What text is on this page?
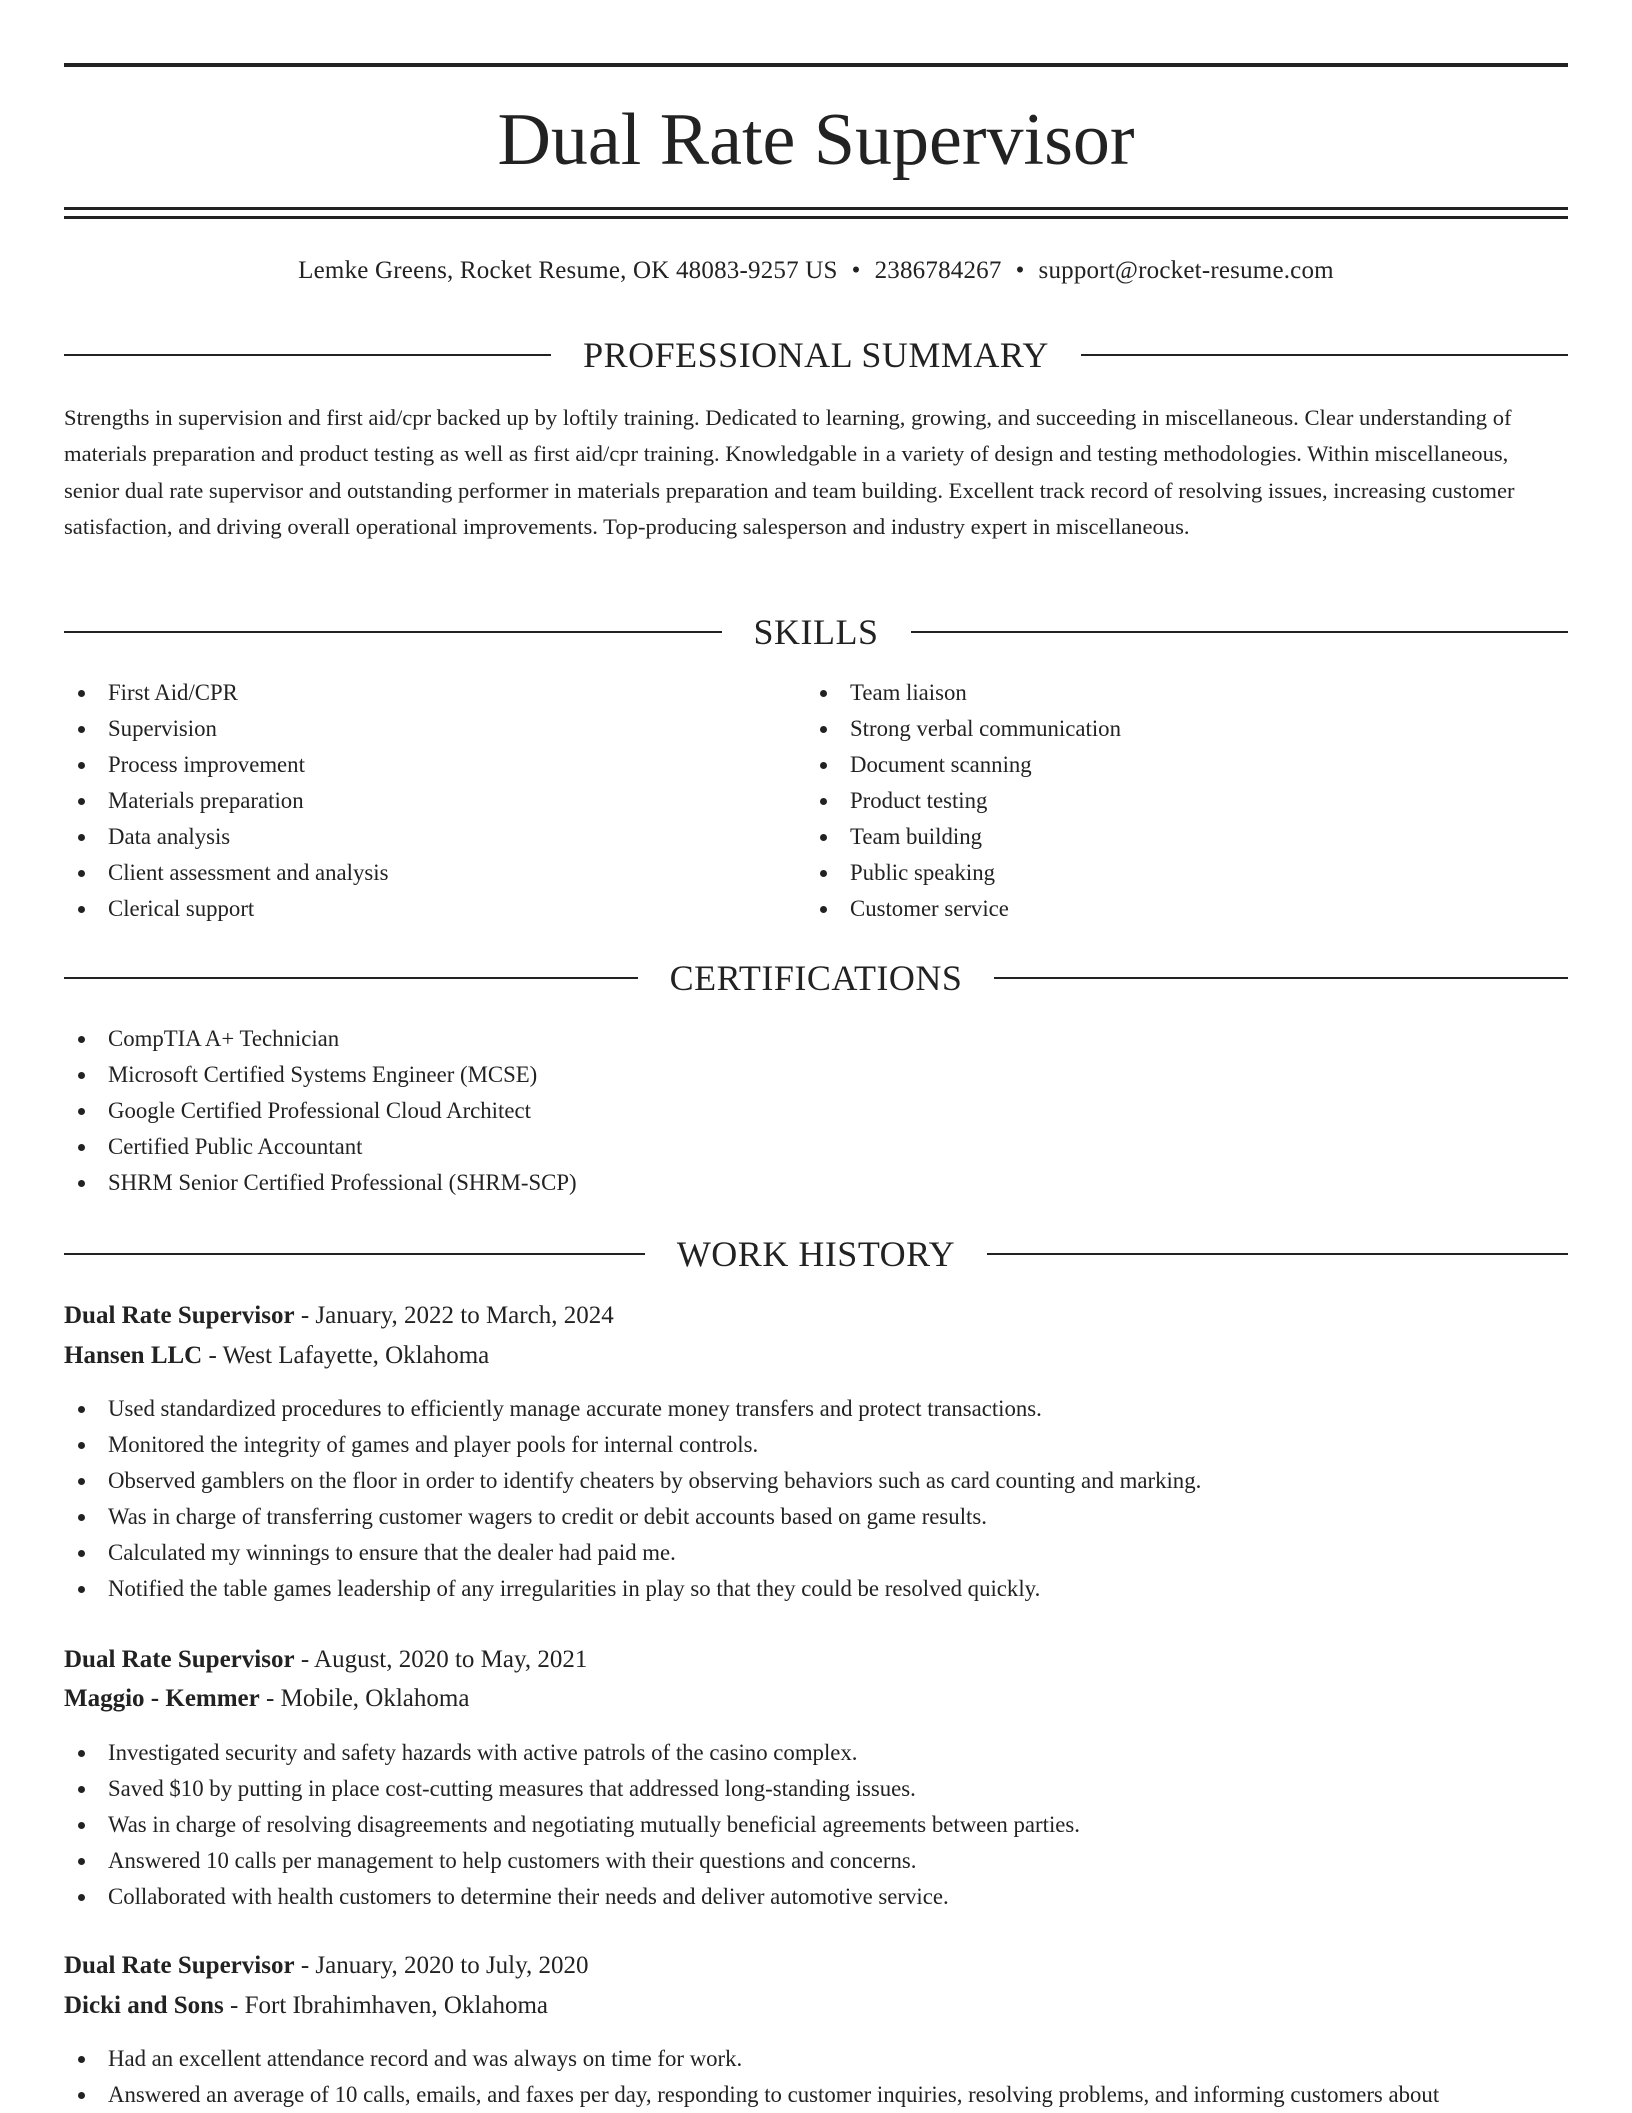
Dual Rate Supervisor
Lemke Greens, Rocket Resume, OK 48083-9257 US • 2386784267 • support@rocket-resume.com
PROFESSIONAL SUMMARY
Strengths in supervision and first aid/cpr backed up by loftily training. Dedicated to learning, growing, and succeeding in miscellaneous. Clear understanding of materials preparation and product testing as well as first aid/cpr training. Knowledgable in a variety of design and testing methodologies. Within miscellaneous, senior dual rate supervisor and outstanding performer in materials preparation and team building. Excellent track record of resolving issues, increasing customer satisfaction, and driving overall operational improvements. Top-producing salesperson and industry expert in miscellaneous.
SKILLS
First Aid/CPR
Supervision
Process improvement
Materials preparation
Data analysis
Client assessment and analysis
Clerical support
Team liaison
Strong verbal communication
Document scanning
Product testing
Team building
Public speaking
Customer service
CERTIFICATIONS
CompTIA A+ Technician
Microsoft Certified Systems Engineer (MCSE)
Google Certified Professional Cloud Architect
Certified Public Accountant
SHRM Senior Certified Professional (SHRM-SCP)
WORK HISTORY
Dual Rate Supervisor - January, 2022 to March, 2024
Hansen LLC - West Lafayette, Oklahoma
Used standardized procedures to efficiently manage accurate money transfers and protect transactions.
Monitored the integrity of games and player pools for internal controls.
Observed gamblers on the floor in order to identify cheaters by observing behaviors such as card counting and marking.
Was in charge of transferring customer wagers to credit or debit accounts based on game results.
Calculated my winnings to ensure that the dealer had paid me.
Notified the table games leadership of any irregularities in play so that they could be resolved quickly.
Dual Rate Supervisor - August, 2020 to May, 2021
Maggio - Kemmer - Mobile, Oklahoma
Investigated security and safety hazards with active patrols of the casino complex.
Saved $10 by putting in place cost-cutting measures that addressed long-standing issues.
Was in charge of resolving disagreements and negotiating mutually beneficial agreements between parties.
Answered 10 calls per management to help customers with their questions and concerns.
Collaborated with health customers to determine their needs and deliver automotive service.
Dual Rate Supervisor - January, 2020 to July, 2020
Dicki and Sons - Fort Ibrahimhaven, Oklahoma
Had an excellent attendance record and was always on time for work.
Answered an average of 10 calls, emails, and faxes per day, responding to customer inquiries, resolving problems, and informing customers about
